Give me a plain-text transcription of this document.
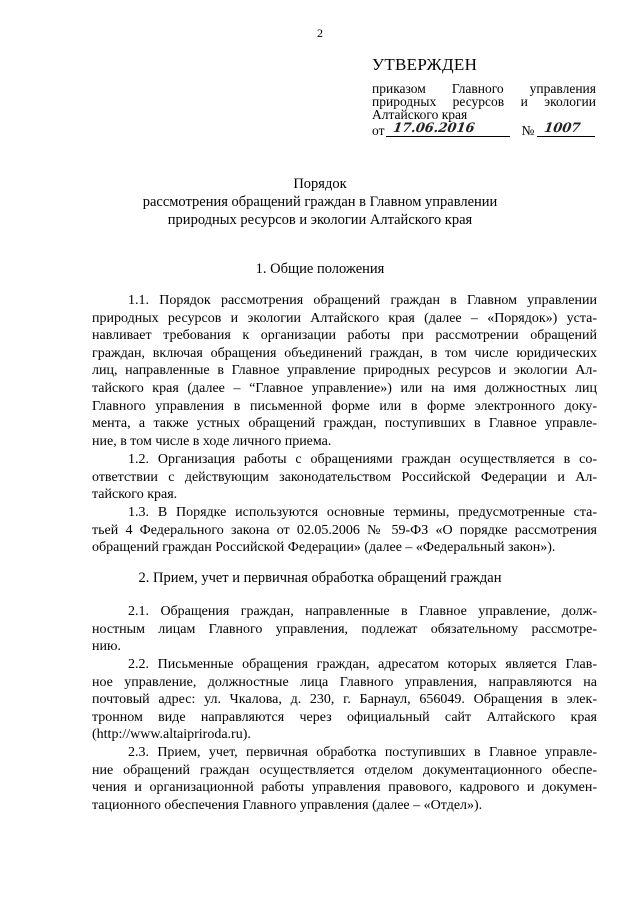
2
УТВЕРЖДЕН
приказом Главного управления
природных ресурсов и экологии
Алтайского края
от 17.06.2016	№ 1007
Порядок
рассмотрения обращений граждан в Главном управлении
природных ресурсов и экологии Алтайского края
1. Общие положения
1.1. Порядок рассмотрения обращений граждан в Главном управлении
природных ресурсов и экологии Алтайского края (далее – «Порядок») уста-
навливает требования к организации работы при рассмотрении обращений
граждан, включая обращения объединений граждан, в том числе юридических
лиц, направленные в Главное управление природных ресурсов и экологии Ал-
тайского края (далее – “Главное управление») или на имя должностных лиц
Главного управления в письменной форме или в форме электронного доку-
мента, а также устных обращений граждан, поступивших в Главное управле-
ние, в том числе в ходе личного приема.
1.2. Организация работы с обращениями граждан осуществляется в со-
ответствии с действующим законодательством Российской Федерации и Ал-
тайского края.
1.3. В Порядке используются основные термины, предусмотренные ста-
тьей 4 Федерального закона от 02.05.2006 № 59-ФЗ «О порядке рассмотрения
обращений граждан Российской Федерации» (далее – «Федеральный закон»).
2. Прием, учет и первичная обработка обращений граждан
2.1. Обращения граждан, направленные в Главное управление, долж-
ностным лицам Главного управления, подлежат обязательному рассмотре-
нию.
2.2. Письменные обращения граждан, адресатом которых является Глав-
ное управление, должностные лица Главного управления, направляются на
почтовый адрес: ул. Чкалова, д. 230, г. Барнаул, 656049. Обращения в элек-
тронном виде направляются через официальный сайт Алтайского края
(http://www.altaipriroda.ru).
2.3. Прием, учет, первичная обработка поступивших в Главное управле-
ние обращений граждан осуществляется отделом документационного обеспе-
чения и организационной работы управления правового, кадрового и докумен-
тационного обеспечения Главного управления (далее – «Отдел»).
